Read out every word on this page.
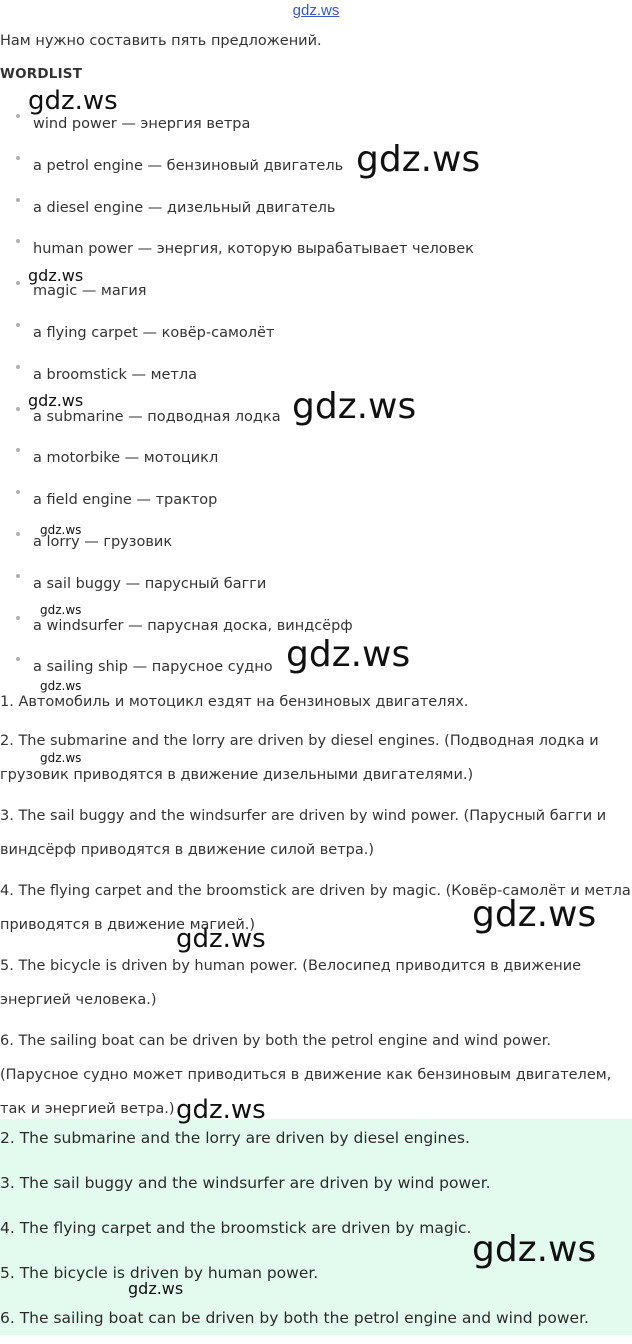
gdz.ws
Нам нужно составить пять предложений.
WORDLIST
wind power — энергия ветра
a petrol engine — бензиновый двигатель
a diesel engine — дизельный двигатель
human power — энергия, которую вырабатывает человек
magic — магия
a flying carpet — ковёр-самолёт
a broomstick — метла
a submarine — подводная лодка
a motorbike — мотоцикл
a field engine — трактор
a lorry — грузовик
a sail buggy — парусный багги
a windsurfer — парусная доска, виндсёрф
a sailing ship — парусное судно

1. Автомобиль и мотоцикл ездят на бензиновых двигателях.

2. The submarine and the lorry are driven by diesel engines. (Подводная лодка и грузовик приводятся в движение дизельными двигателями.)

3. The sail buggy and the windsurfer are driven by wind power. (Парусный багги и виндсёрф приводятся в движение силой ветра.)

4. The flying carpet and the broomstick are driven by magic. (Ковёр-самолёт и метла приводятся в движение магией.)

5. The bicycle is driven by human power. (Велосипед приводится в движение энергией человека.)

6. The sailing boat can be driven by both the petrol engine and wind power. (Парусное судно может приводиться в движение как бензиновым двигателем, так и энергией ветра.)

2. The submarine and the lorry are driven by diesel engines.

3. The sail buggy and the windsurfer are driven by wind power.

4. The flying carpet and the broomstick are driven by magic.

5. The bicycle is driven by human power.

6. The sailing boat can be driven by both the petrol engine and wind power.

gdz.ws
gdz.ws
gdz.ws
gdz.ws	gdz.ws
gdz.ws
gdz.ws
gdz.ws
gdz.ws
gdz.ws
gdz.ws
gdz.ws
gdz.ws
gdz.ws
gdz.ws
